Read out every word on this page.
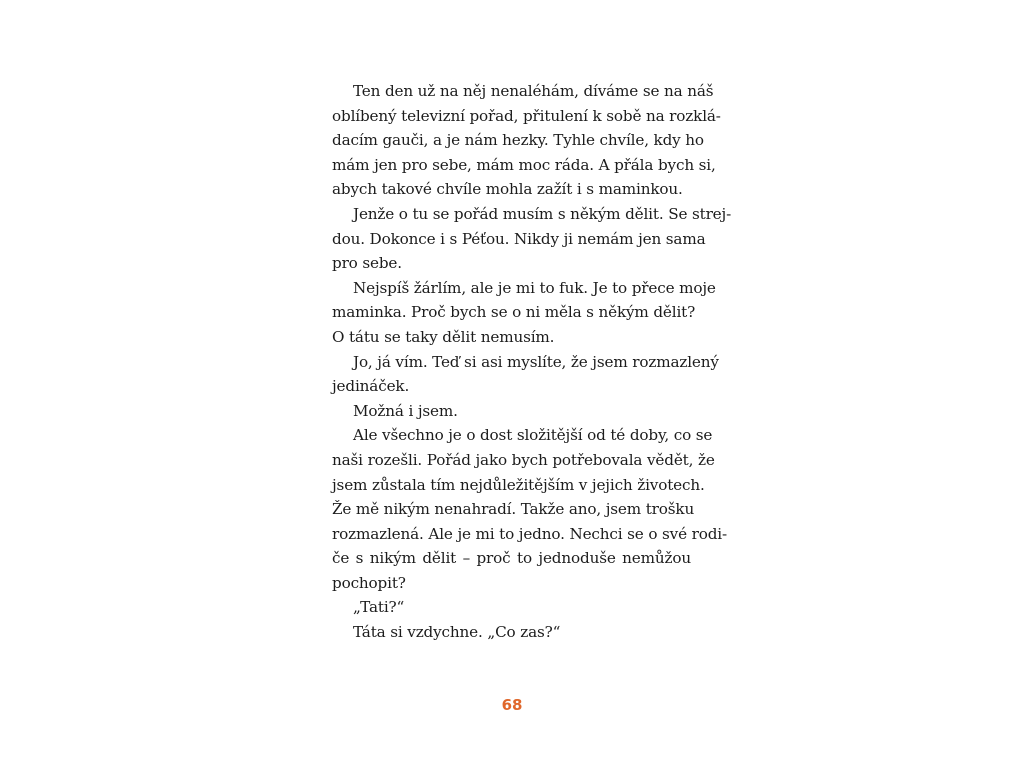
Ten den už na něj nenaléhám, díváme se na náš
oblíbený televizní pořad, přitulení k sobě na rozklá-
dacím gauči, a je nám hezky. Tyhle chvíle, kdy ho
mám jen pro sebe, mám moc ráda. A přála bych si,
abych takové chvíle mohla zažít i s maminkou.
Jenže o tu se pořád musím s někým dělit. Se strej-
dou. Dokonce i s Péťou. Nikdy ji nemám jen sama
pro sebe.
Nejspíš žárlím, ale je mi to fuk. Je to přece moje
maminka. Proč bych se o ni měla s někým dělit?
O tátu se taky dělit nemusím.
Jo, já vím. Teď si asi myslíte, že jsem rozmazlený
jedináček.
Možná i jsem.
Ale všechno je o dost složitější od té doby, co se
naši rozešli. Pořád jako bych potřebovala vědět, že
jsem zůstala tím nejdůležitějším v jejich životech.
Že mě nikým nenahradí. Takže ano, jsem trošku
rozmazlená. Ale je mi to jedno. Nechci se o své rodi-
če s nikým dělit – proč to jednoduše nemůžou
pochopit?
„Tati?“
Táta si vzdychne. „Co zas?“
68
